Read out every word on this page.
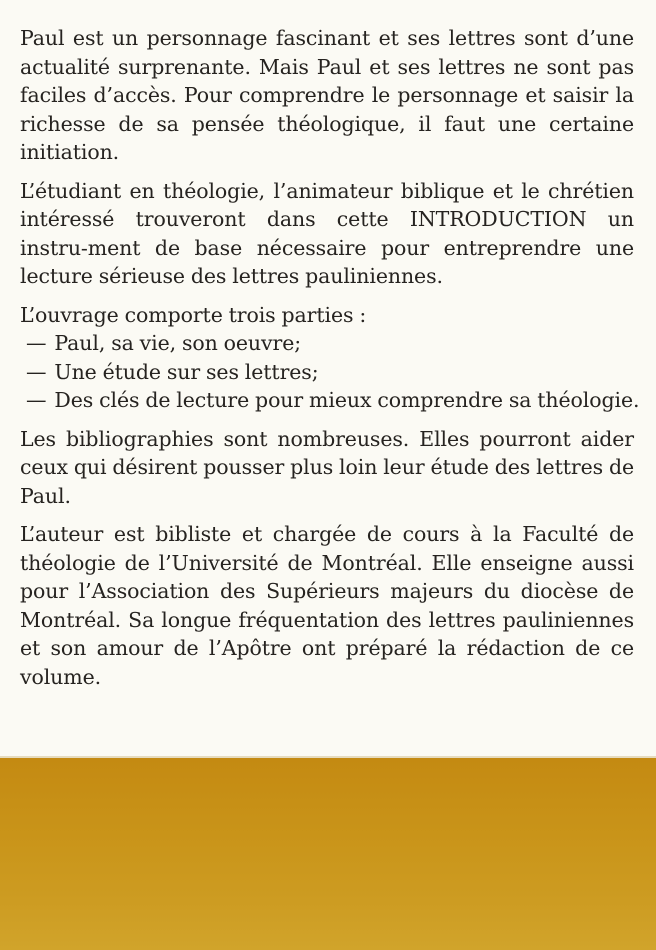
Paul est un personnage fascinant et ses lettres sont d’une actualité surprenante. Mais Paul et ses lettres ne sont pas faciles d’accès. Pour comprendre le personnage et saisir la richesse de sa pensée théologique, il faut une certaine initiation.

L’étudiant en théologie, l’animateur biblique et le chrétien intéressé trouveront dans cette INTRODUCTION un instru-ment de base nécessaire pour entreprendre une lecture sérieuse des lettres pauliniennes.

L’ouvrage comporte trois parties :

— Paul, sa vie, son oeuvre;
— Une étude sur ses lettres;
— Des clés de lecture pour mieux comprendre sa théologie.

Les bibliographies sont nombreuses. Elles pourront aider ceux qui désirent pousser plus loin leur étude des lettres de Paul.

L’auteur est bibliste et chargée de cours à la Faculté de théologie de l’Université de Montréal. Elle enseigne aussi pour l’Association des Supérieurs majeurs du diocèse de Montréal. Sa longue fréquentation des lettres pauliniennes et son amour de l’Apôtre ont préparé la rédaction de ce volume.
